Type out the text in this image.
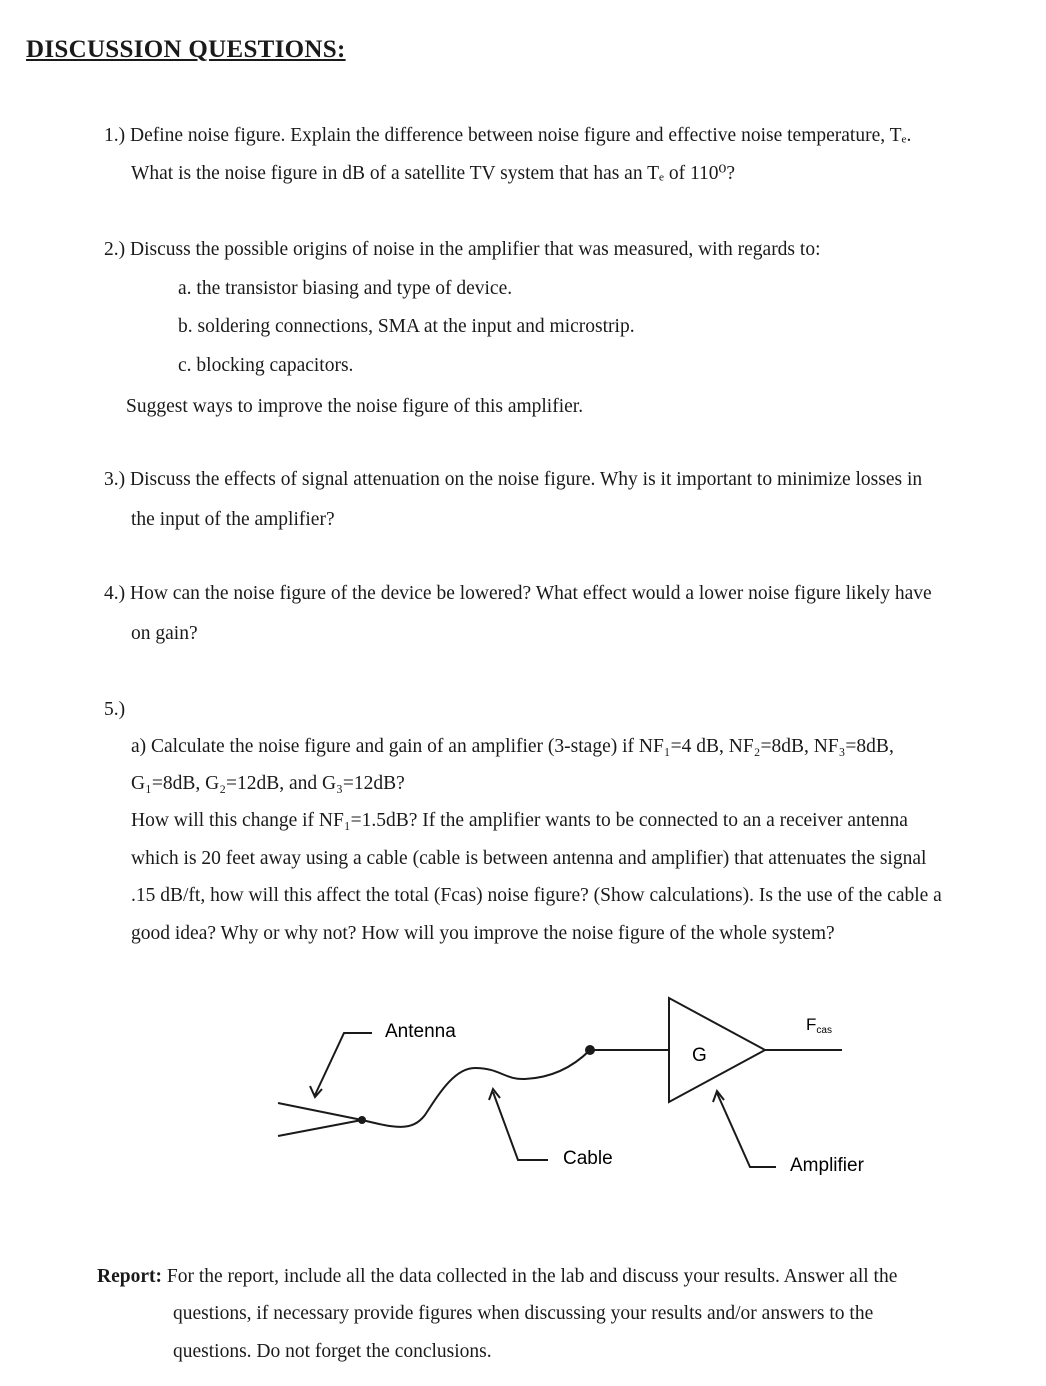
DISCUSSION QUESTIONS:
1.) Define noise figure. Explain the difference between noise figure and effective noise temperature, Tₑ.
What is the noise figure in dB of a satellite TV system that has an Tₑ of 110⁰?
2.) Discuss the possible origins of noise in the amplifier that was measured, with regards to:
a. the transistor biasing and type of device.
b. soldering connections, SMA at the input and microstrip.
c. blocking capacitors.
Suggest ways to improve the noise figure of this amplifier.
3.) Discuss the effects of signal attenuation on the noise figure. Why is it important to minimize losses in
the input of the amplifier?
4.) How can the noise figure of the device be lowered? What effect would a lower noise figure likely have
on gain?
5.)
a) Calculate the noise figure and gain of an amplifier (3-stage) if NF₁=4 dB, NF₂=8dB, NF₃=8dB,
G₁=8dB, G₂=12dB, and G₃=12dB?
How will this change if NF₁=1.5dB? If the amplifier wants to be connected to an a receiver antenna
which is 20 feet away using a cable (cable is between antenna and amplifier) that attenuates the signal
.15 dB/ft, how will this affect the total (Fcas) noise figure? (Show calculations). Is the use of the cable a
good idea? Why or why not? How will you improve the noise figure of the whole system?
Antenna
G
Cable	Amplifier
Fcas
Report: For the report, include all the data collected in the lab and discuss your results. Answer all the
questions, if necessary provide figures when discussing your results and/or answers to the
questions. Do not forget the conclusions.
